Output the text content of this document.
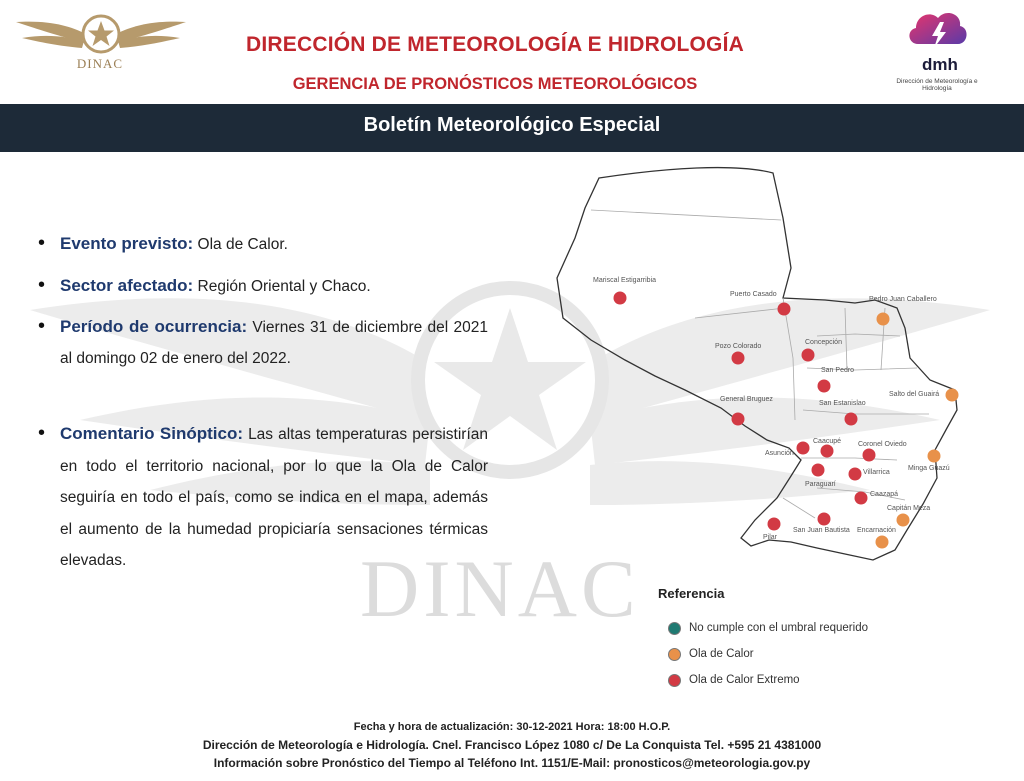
DINAC
DIRECCIÓN DE METEOROLOGÍA E HIDROLOGÍA
GERENCIA DE PRONÓSTICOS METEOROLÓGICOS
dmh
Dirección de Meteorología e Hidrología
Boletín Meteorológico Especial
DINAC
• Evento previsto: Ola de Calor.
• Sector afectado: Región Oriental y Chaco.
• Período de ocurrencia: Viernes 31 de diciembre del 2021 al domingo 02 de enero del 2022.
• Comentario Sinóptico: Las altas temperaturas persistirían en todo el territorio nacional, por lo que la Ola de Calor seguiría en todo el país, como se indica en el mapa, además el aumento de la humedad propiciaría sensaciones térmicas elevadas.
Mariscal Estigarribia
Puerto Casado
Pedro Juan Caballero
Concepción
Pozo Colorado
San Pedro
Salto del Guairá
General Bruguez
San Estanislao
Caacupé Coronel Oviedo
Asunción
Minga Guazú
Villarrica
Paraguarí
Caazapá
Capitán Meza
Pilar
San Juan Bautista Encarnación
Referencia
No cumple con el umbral requerido
Ola de Calor
Ola de Calor Extremo
Fecha y hora de actualización: 30-12-2021 Hora: 18:00 H.O.P.
Dirección de Meteorología e Hidrología. Cnel. Francisco López 1080 c/ De La Conquista Tel. +595 21 4381000
Información sobre Pronóstico del Tiempo al Teléfono Int. 1151/E-Mail: pronosticos@meteorologia.gov.py
